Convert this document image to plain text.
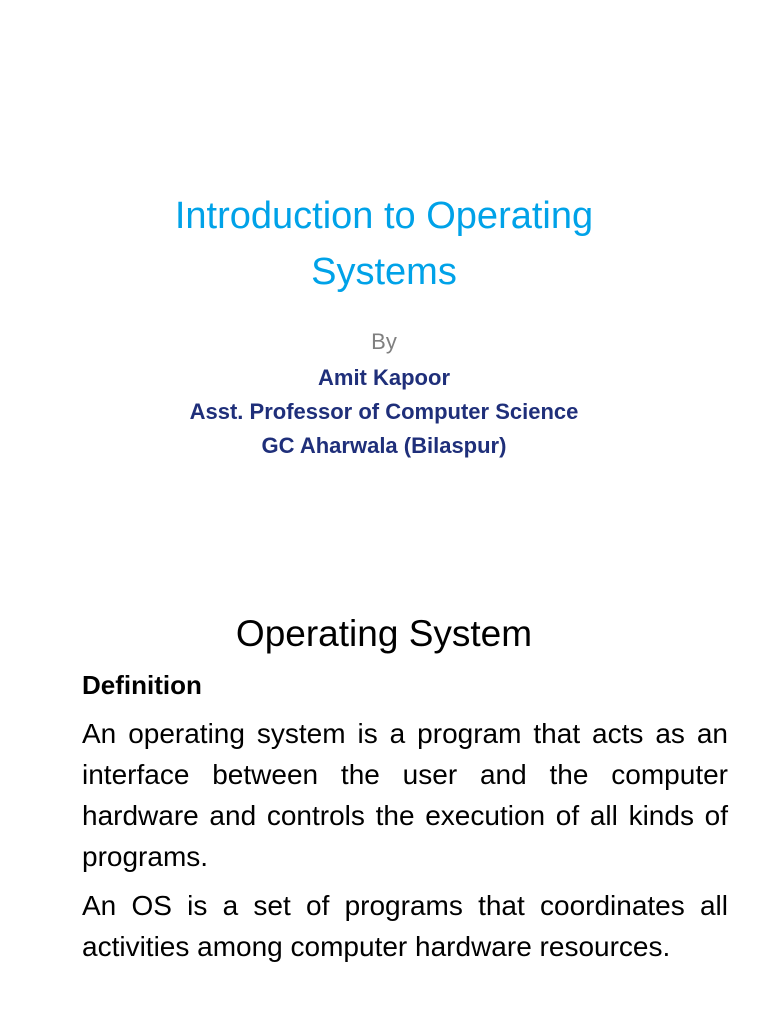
Introduction to Operating
Systems

By

Amit Kapoor
Asst. Professor of Computer Science
GC Aharwala (Bilaspur)
Operating System
Definition

An operating system is a program that acts as an interface between the user and the computer hardware and controls the execution of all kinds of programs.

An OS is a set of programs that coordinates all activities among computer hardware resources.
